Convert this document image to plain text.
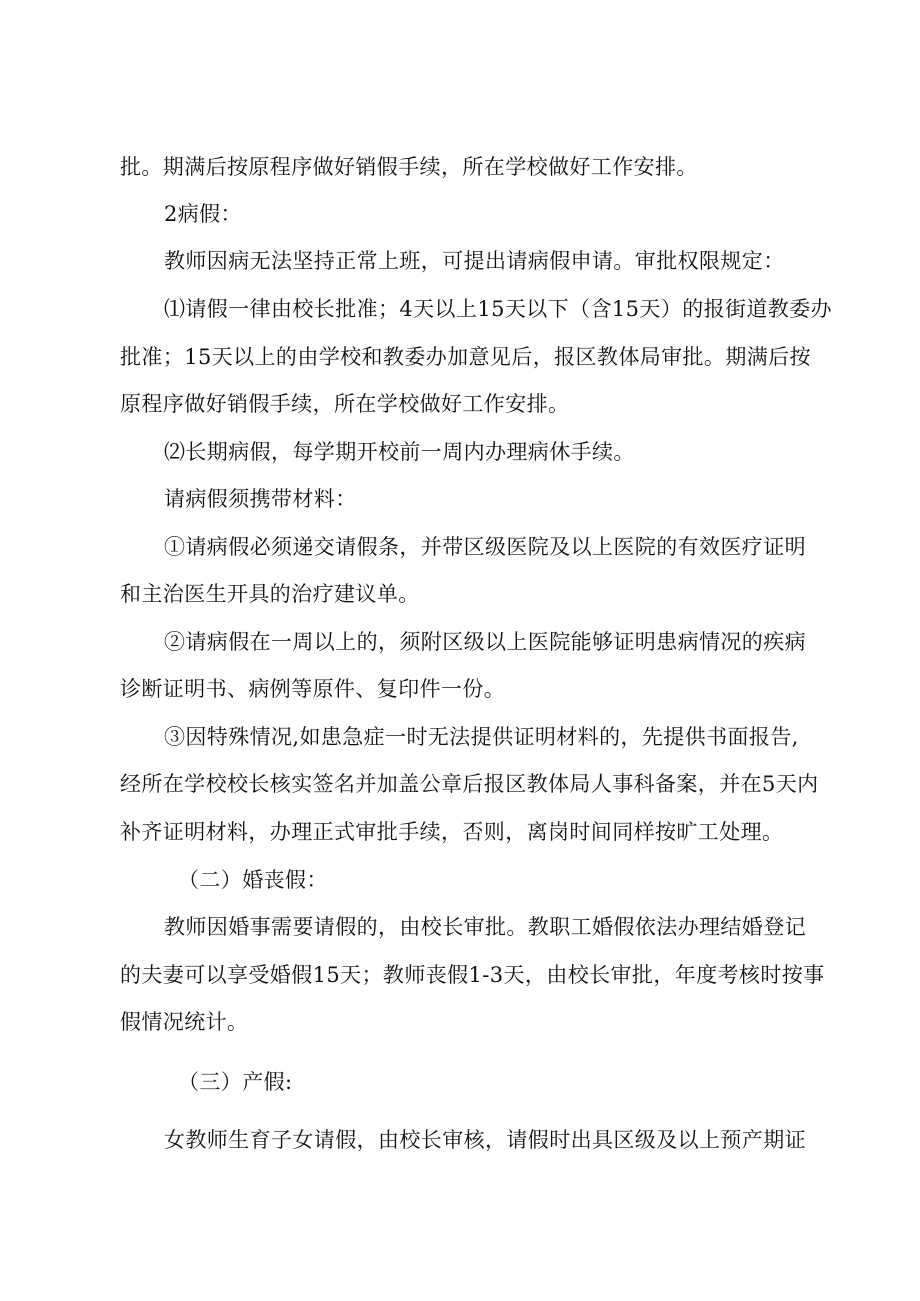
批。期满后按原程序做好销假手续，所在学校做好工作安排。
2病假：
教师因病无法坚持正常上班，可提出请病假申请。审批权限规定：
⑴请假一律由校长批准；4天以上15天以下（含15天）的报街道教委办
批准；15天以上的由学校和教委办加意见后，报区教体局审批。期满后按
原程序做好销假手续，所在学校做好工作安排。
⑵长期病假，每学期开校前一周内办理病休手续。
请病假须携带材料：
①请病假必须递交请假条，并带区级医院及以上医院的有效医疗证明
和主治医生开具的治疗建议单。
②请病假在一周以上的，须附区级以上医院能够证明患病情况的疾病
诊断证明书、病例等原件、复印件一份。
③因特殊情况,如患急症一时无法提供证明材料的，先提供书面报告,
经所在学校校长核实签名并加盖公章后报区教体局人事科备案，并在5天内
补齐证明材料，办理正式审批手续，否则，离岗时间同样按旷工处理。
（二）婚丧假：
教师因婚事需要请假的，由校长审批。教职工婚假依法办理结婚登记
的夫妻可以享受婚假15天；教师丧假1-3天，由校长审批，年度考核时按事
假情况统计。
（三）产假:
女教师生育子女请假，由校长审核，请假时出具区级及以上预产期证
